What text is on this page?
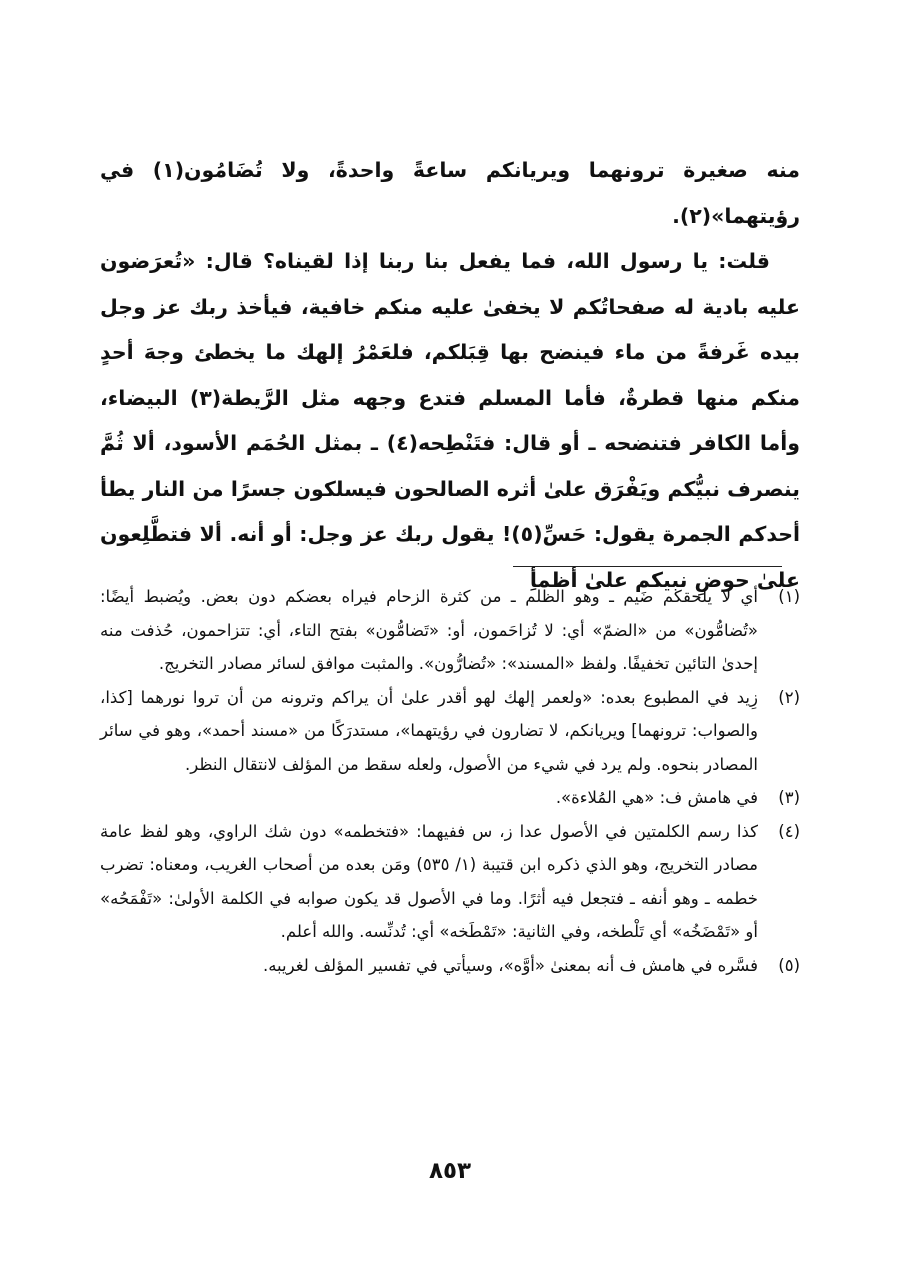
منه صغيرة ترونهما ويريانكم ساعةً واحدةً، ولا تُضَامُون(١) في رؤيتهما»(٢).

قلت: يا رسول الله، فما يفعل بنا ربنا إذا لقيناه؟ قال: «تُعرَضون عليه بادية له صفحاتُكم لا يخفىٰ عليه منكم خافية، فيأخذ ربك عز وجل بيده غَرفةً من ماء فينضح بها قِبَلكم، فلعَمْرُ إلهك ما يخطئ وجهَ أحدٍ منكم منها قطرةٌ، فأما المسلم فتدع وجهه مثل الرَّيطة(٣) البيضاء، وأما الكافر فتنضحه ـ أو قال: فتَنْطِحه(٤) ـ بمثل الحُمَم الأسود، ألا ثُمَّ ينصرف نبيُّكم ويَفْرَق علىٰ أثره الصالحون فيسلكون جسرًا من النار يطأ أحدكم الجمرة يقول: حَسِّ(٥)! يقول ربك عز وجل: أو أنه. ألا فتطَّلِعون علىٰ حوضِ نبيكم علىٰ أظمأِ

(١)
أي لا يلحقكم ضَيم ـ وهو الظلم ـ من كثرة الزحام فيراه بعضكم دون بعض. ويُضبط أيضًا: «تُضامُّون» من «الضمّ» أي: لا تُزاحَمون، أو: «تَضامُّون» بفتح التاء، أي: تتزاحمون، حُذفت منه إحدىٰ التائين تخفيفًا. ولفظ «المسند»: «تُضارُّون». والمثبت موافق لسائر مصادر التخريج.
(٢)
زِيد في المطبوع بعده: «ولعمر إلهك لهو أقدر علىٰ أن يراكم وترونه من أن تروا نورهما [كذا، والصواب: ترونهما] ويريانكم، لا تضارون في رؤيتهما»، مستدرَكًا من «مسند أحمد»، وهو في سائر المصادر بنحوه. ولم يرد في شيء من الأصول، ولعله سقط من المؤلف لانتقال النظر.
(٣)
في هامش ف: «هي المُلاءة».
(٤)
كذا رسم الكلمتين في الأصول عدا ز، س ففيهما: «فتخطمه» دون شك الراوي، وهو لفظ عامة مصادر التخريج، وهو الذي ذكره ابن قتيبة (١/ ٥٣٥) ومَن بعده من أصحاب الغريب، ومعناه: تضرب خطمه ـ وهو أنفه ـ فتجعل فيه أثرًا. وما في الأصول قد يكون صوابه في الكلمة الأولىٰ: «تَفْمَحُه» أو «تَمْضَخُه» أي تَلْطخه، وفي الثانية: «تَمْطَخه» أي: تُدنِّسه. والله أعلم.
(٥)
فسَّره في هامش ف أنه بمعنىٰ «أوَّه»، وسيأتي في تفسير المؤلف لغريبه.
٨٥٣
